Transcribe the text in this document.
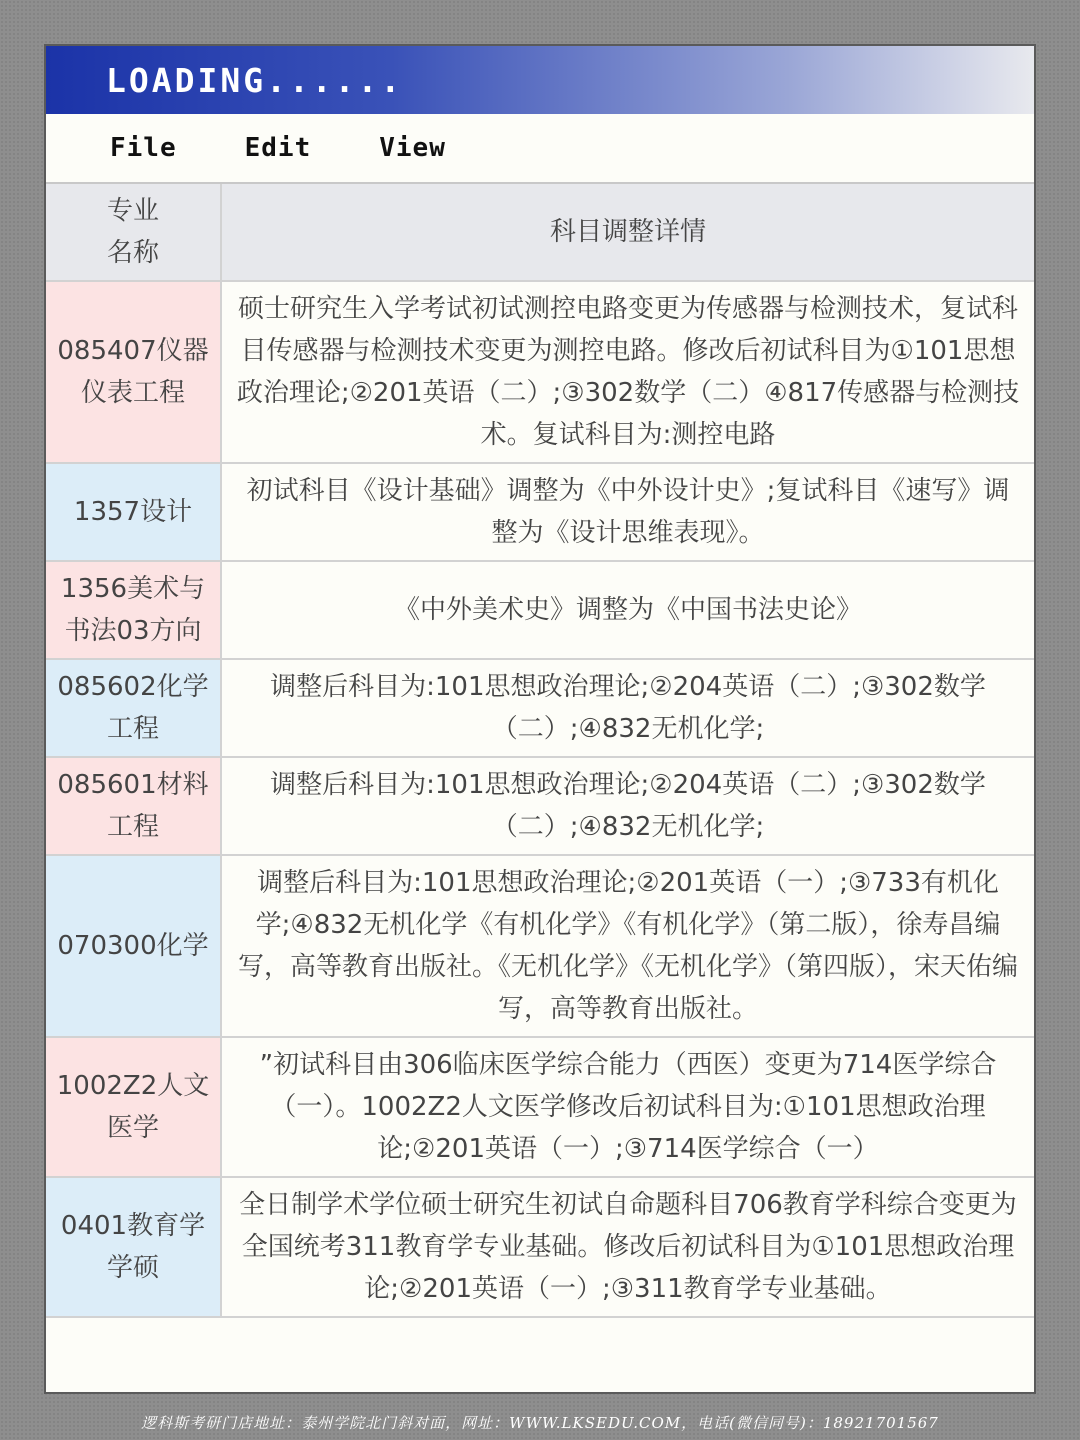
LOADING......
File	Edit	View
专业
名称
科目调整详情
085407仪器仪表工程
硕士研究生入学考试初试测控电路变更为传感器与检测技术，复试科目传感器与检测技术变更为测控电路。修改后初试科目为①101思想政治理论;②201英语（二）;③302数学（二）④817传感器与检测技术。复试科目为:测控电路
1357设计
初试科目《设计基础》调整为《中外设计史》;复试科目《速写》调整为《设计思维表现》。
1356美术与书法03方向
《中外美术史》调整为《中国书法史论》
085602化学工程
调整后科目为:101思想政治理论;②204英语（二）;③302数学（二）;④832无机化学;
085601材料工程
调整后科目为:101思想政治理论;②204英语（二）;③302数学（二）;④832无机化学;
070300化学
调整后科目为:101思想政治理论;②201英语（一）;③733有机化学;④832无机化学《有机化学》《有机化学》（第二版），徐寿昌编写，高等教育出版社。《无机化学》《无机化学》（第四版），宋天佑编写，高等教育出版社。
1002Z2人文医学
”初试科目由306临床医学综合能力（西医）变更为714医学综合（一）。1002Z2人文医学修改后初试科目为:①101思想政治理论;②201英语（一）;③714医学综合（一）
0401教育学学硕
全日制学术学位硕士研究生初试自命题科目706教育学科综合变更为全国统考311教育学专业基础。修改后初试科目为①101思想政治理论;②201英语（一）;③311教育学专业基础。
逻科斯考研门店地址：泰州学院北门斜对面，网址：WWW.LKSEDU.COM，电话(微信同号)：18921701567
